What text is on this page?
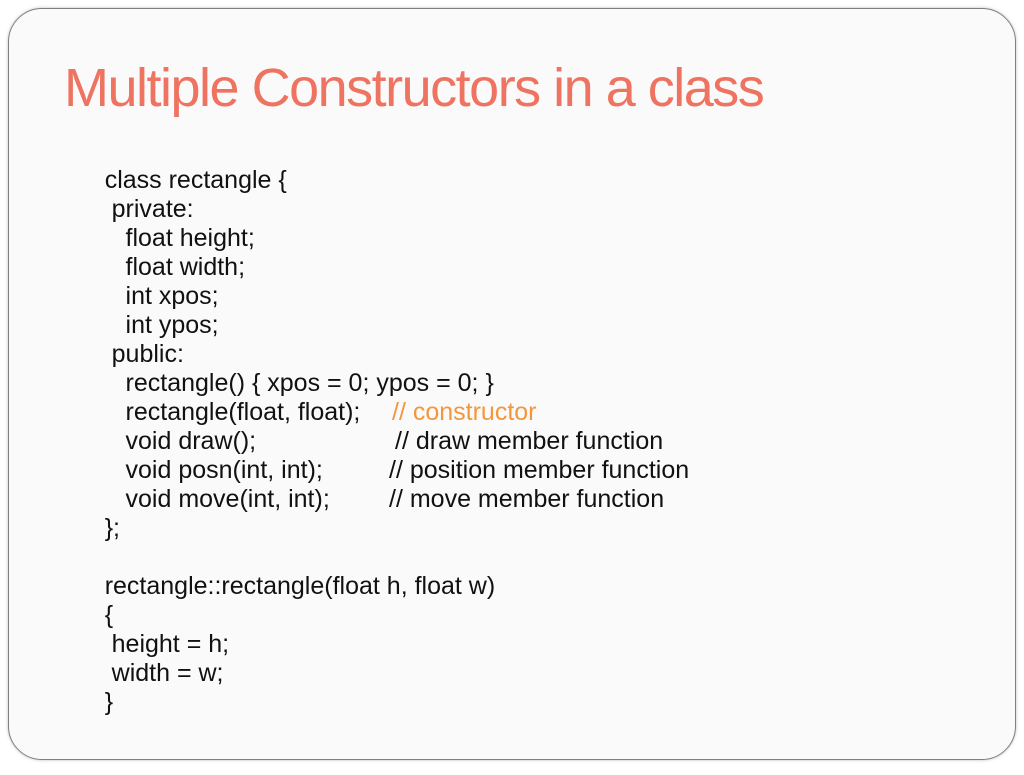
Multiple Constructors in a class

class rectangle {

private:

float height;

float width;

int xpos;

int ypos;

public:

rectangle() { xpos = 0; ypos = 0; }

rectangle(float, float);

// constructor

void draw();

	// draw member function

void posn(int, int);

	// position member function

void move(int, int);

// move member function

};

rectangle::rectangle(float h, float w)

{

height = h;

width = w;

}
